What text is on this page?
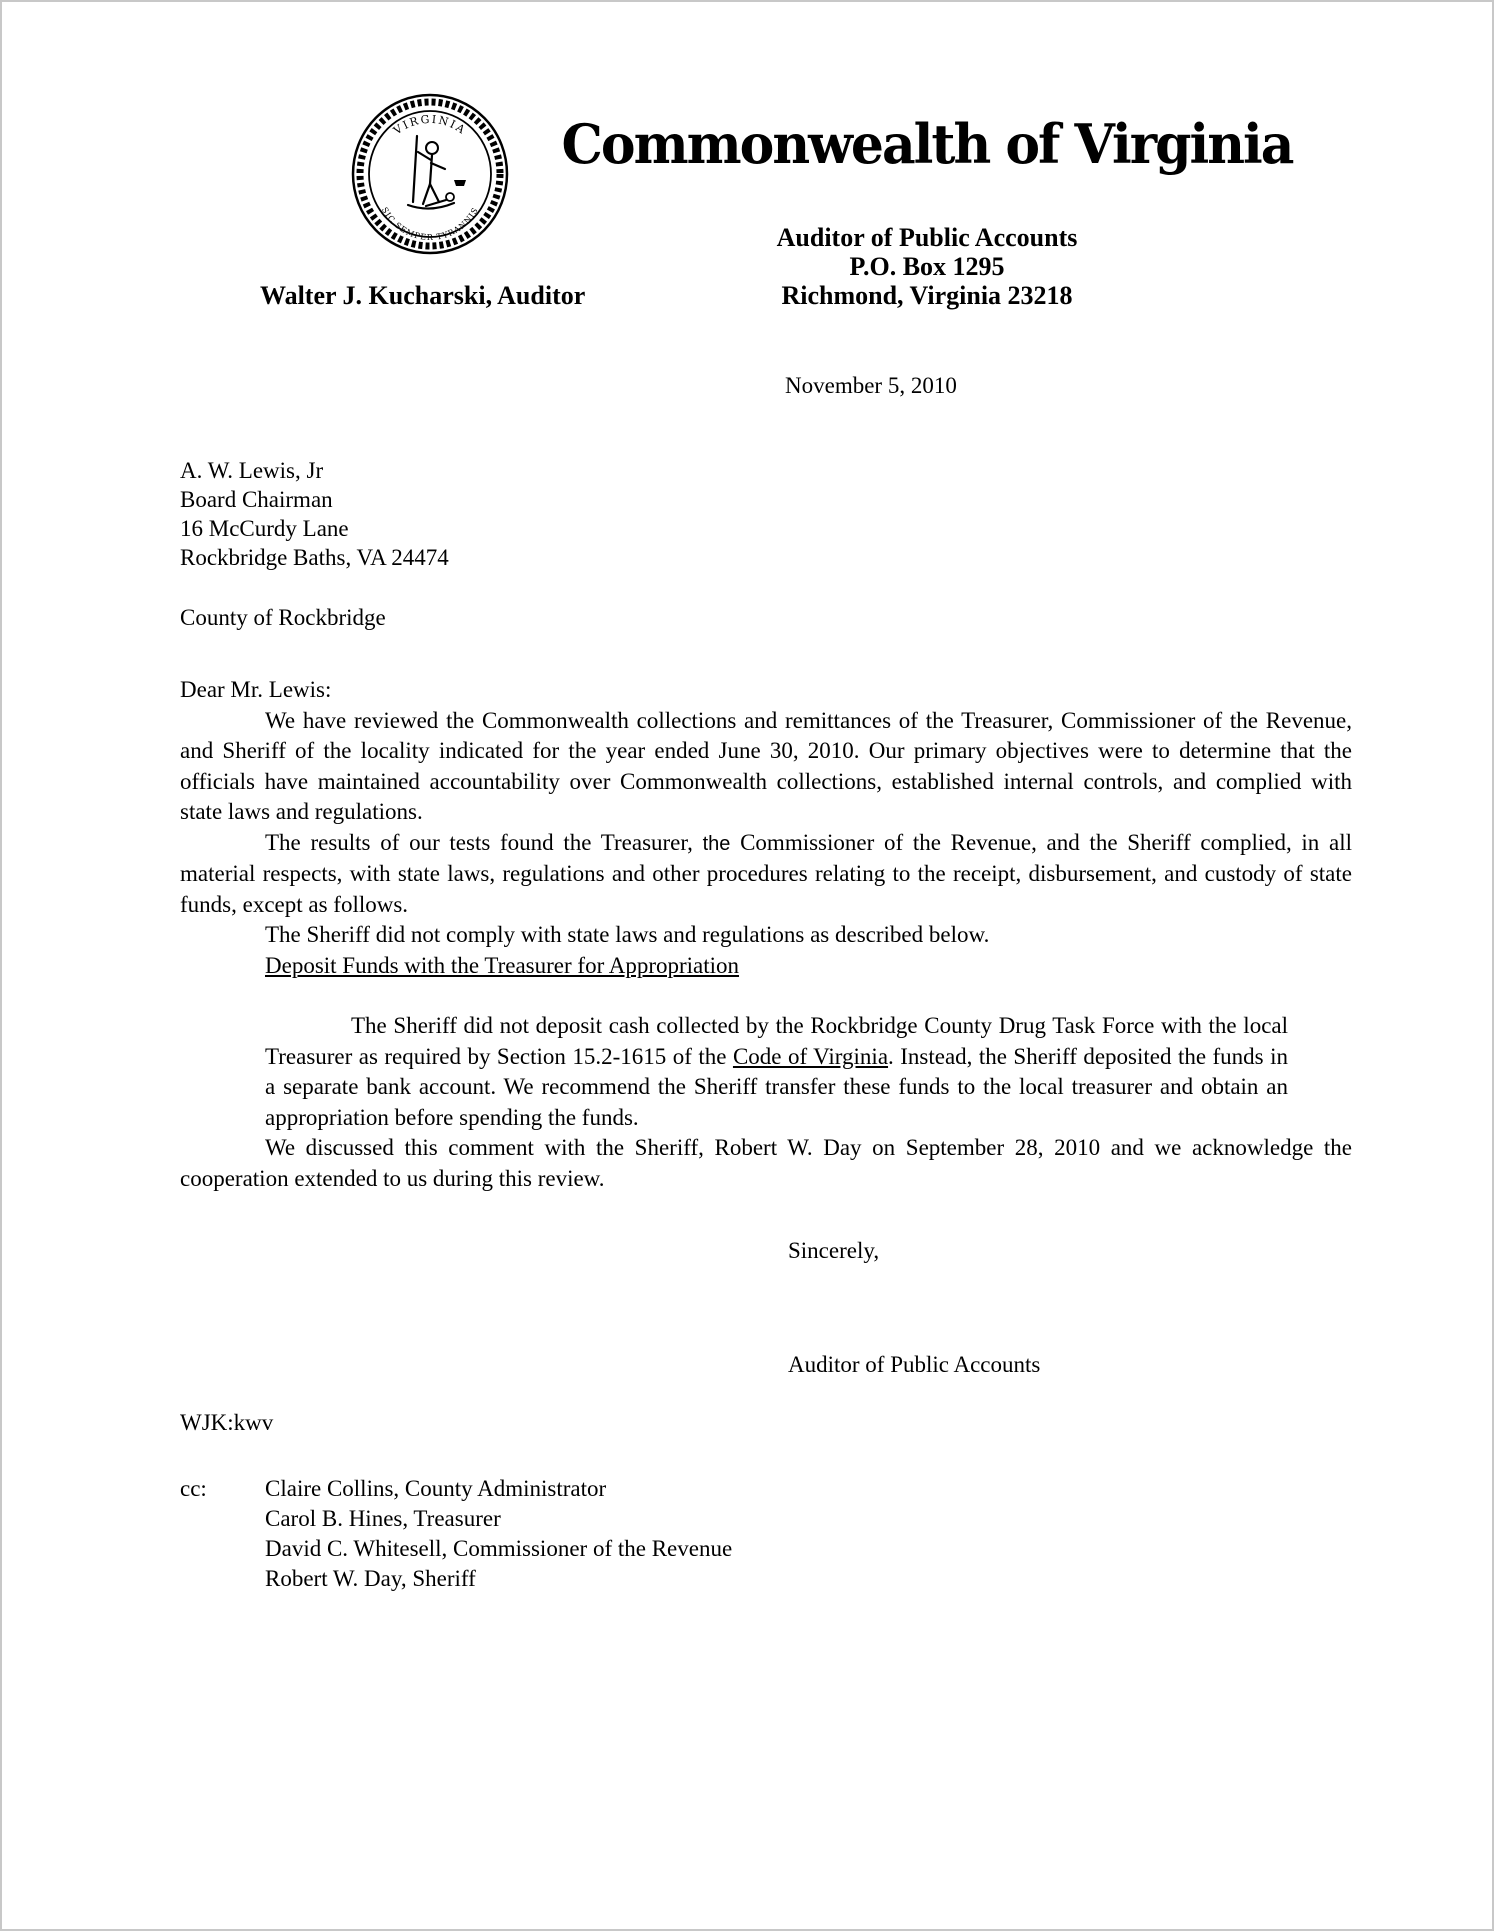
VIRGINIA
SIC SEMPER TYRANNIS
Commonwealth of Virginia
Auditor of Public Accounts
P.O. Box 1295
Richmond, Virginia 23218
Walter J. Kucharski, Auditor
November 5, 2010
A. W. Lewis, Jr
Board Chairman
16 McCurdy Lane
Rockbridge Baths, VA 24474
County of Rockbridge
Dear Mr. Lewis:

We have reviewed the Commonwealth collections and remittances of the Treasurer, Commissioner of the Revenue, and Sheriff of the locality indicated for the year ended June 30, 2010. Our primary objectives were to determine that the officials have maintained accountability over Commonwealth collections, established internal controls, and complied with state laws and regulations.

The results of our tests found the Treasurer, the Commissioner of the Revenue, and the Sheriff complied, in all material respects, with state laws, regulations and other procedures relating to the receipt, disbursement, and custody of state funds, except as follows.

The Sheriff did not comply with state laws and regulations as described below.

Deposit Funds with the Treasurer for Appropriation

The Sheriff did not deposit cash collected by the Rockbridge County Drug Task Force with the local Treasurer as required by Section 15.2-1615 of the Code of Virginia. Instead, the Sheriff deposited the funds in a separate bank account. We recommend the Sheriff transfer these funds to the local treasurer and obtain an appropriation before spending the funds.

We discussed this comment with the Sheriff, Robert W. Day on September 28, 2010 and we acknowledge the cooperation extended to us during this review.

Sincerely,
Auditor of Public Accounts
WJK:kwv
cc:	Claire Collins, County Administrator
Carol B. Hines, Treasurer
David C. Whitesell, Commissioner of the Revenue
Robert W. Day, Sheriff
